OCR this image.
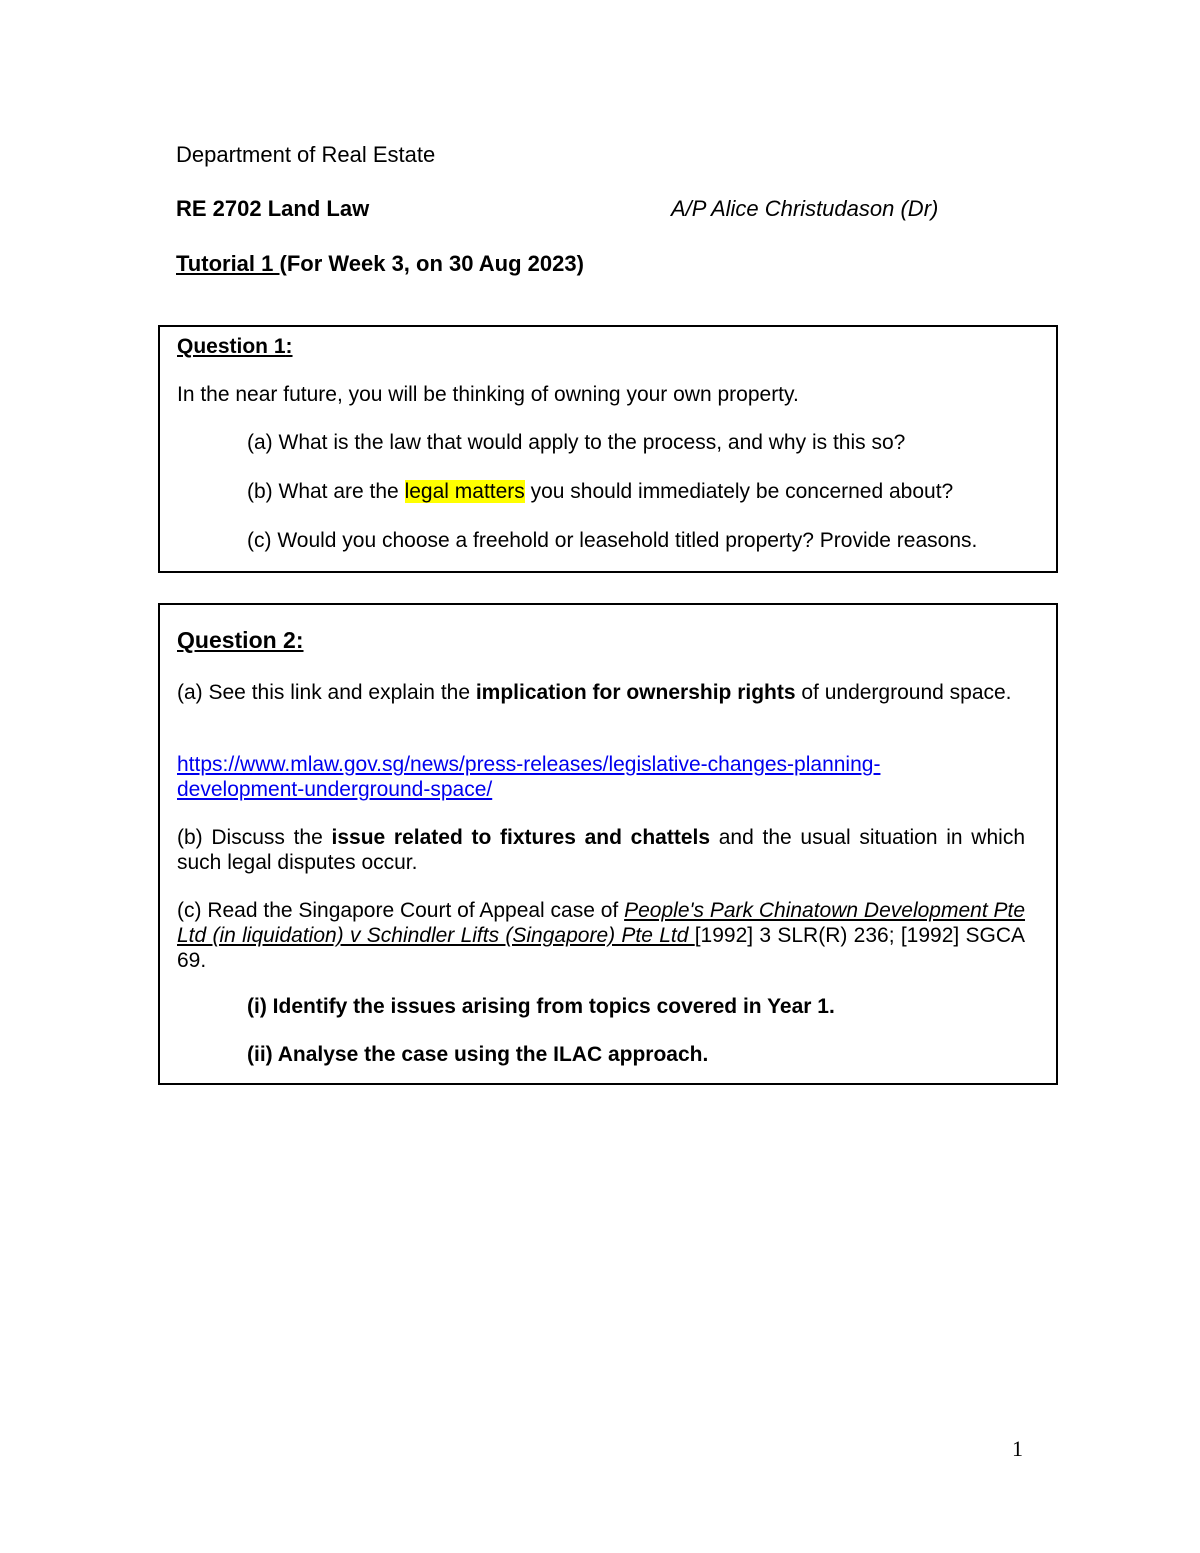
Department of Real Estate
RE 2702 Land Law	A/P Alice Christudason (Dr)
Tutorial 1 (For Week 3, on 30 Aug 2023)
Question 1:
In the near future, you will be thinking of owning your own property.
(a) What is the law that would apply to the process, and why is this so?
(b) What are the legal matters you should immediately be concerned about?
(c) Would you choose a freehold or leasehold titled property? Provide reasons.
Question 2:
(a) See this link and explain the implication for ownership rights of underground space.
https://www.mlaw.gov.sg/news/press-releases/legislative-changes-planning-
development-underground-space/
(b) Discuss the issue related to fixtures and chattels and the usual situation in which such legal disputes occur.
(c) Read the Singapore Court of Appeal case of People's Park Chinatown Development Pte Ltd (in liquidation) v Schindler Lifts (Singapore) Pte Ltd [1992] 3 SLR(R) 236; [1992] SGCA 69.
(i) Identify the issues arising from topics covered in Year 1.
(ii) Analyse the case using the ILAC approach.
1
